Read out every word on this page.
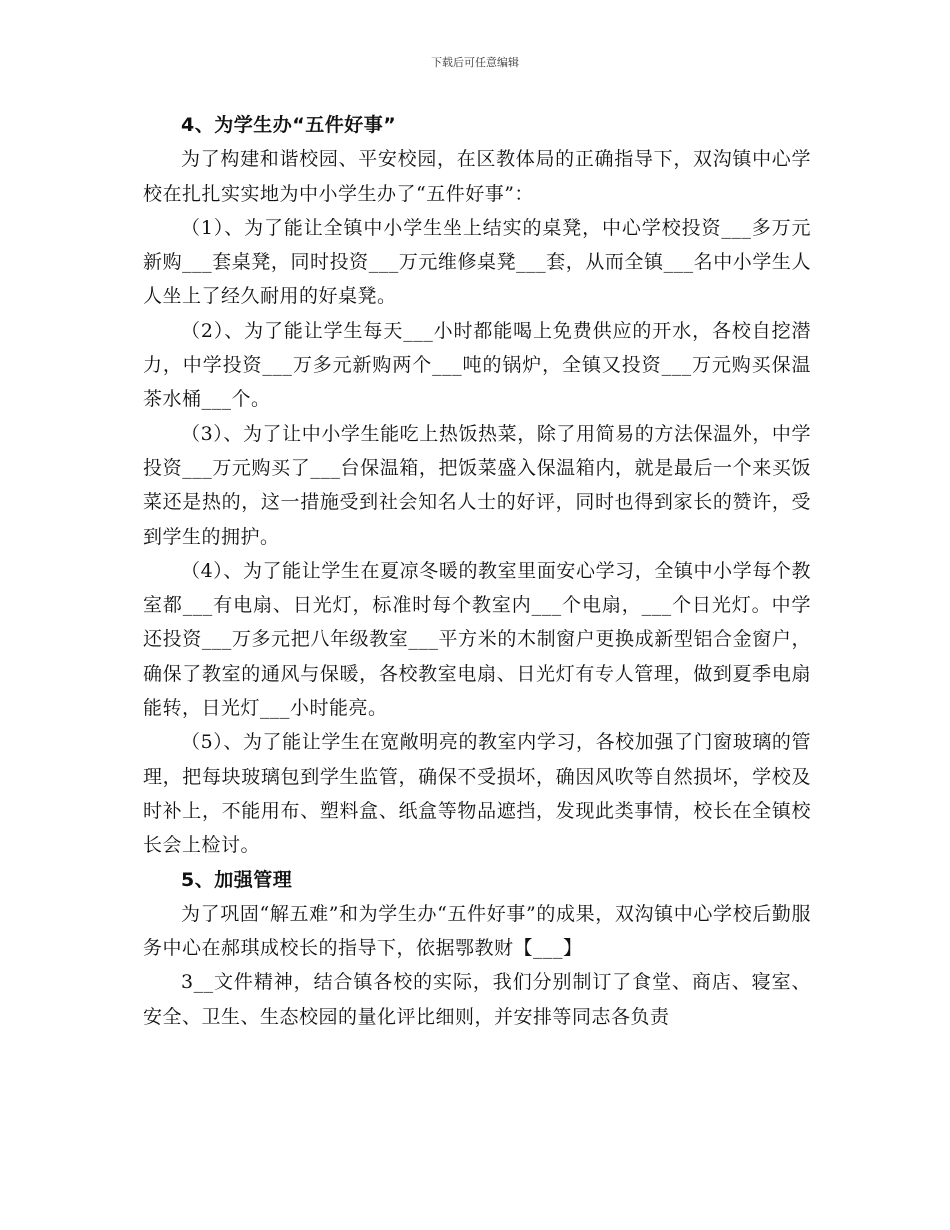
下载后可任意编辑

4、为学生办“五件好事”

为了构建和谐校园、平安校园，在区教体局的正确指导下，双沟镇中心学校在扎扎实实地为中小学生办了“五件好事”：

（1）、为了能让全镇中小学生坐上结实的桌凳，中心学校投资___多万元新购___套桌凳，同时投资___万元维修桌凳___套，从而全镇___名中小学生人人坐上了经久耐用的好桌凳。

（2）、为了能让学生每天___小时都能喝上免费供应的开水，各校自挖潜力，中学投资___万多元新购两个___吨的锅炉，全镇又投资___万元购买保温茶水桶___个。

（3）、为了让中小学生能吃上热饭热菜，除了用简易的方法保温外，中学投资___万元购买了___台保温箱，把饭菜盛入保温箱内，就是最后一个来买饭菜还是热的，这一措施受到社会知名人士的好评，同时也得到家长的赞许，受到学生的拥护。

（4）、为了能让学生在夏凉冬暖的教室里面安心学习，全镇中小学每个教室都___有电扇、日光灯，标准时每个教室内___个电扇，___个日光灯。中学还投资___万多元把八年级教室___平方米的木制窗户更换成新型铝合金窗户，确保了教室的通风与保暖，各校教室电扇、日光灯有专人管理，做到夏季电扇能转，日光灯___小时能亮。

（5）、为了能让学生在宽敞明亮的教室内学习，各校加强了门窗玻璃的管理，把每块玻璃包到学生监管，确保不受损坏，确因风吹等自然损坏，学校及时补上，不能用布、塑料盒、纸盒等物品遮挡，发现此类事情，校长在全镇校长会上检讨。

5、加强管理

为了巩固“解五难”和为学生办“五件好事”的成果，双沟镇中心学校后勤服务中心在郝琪成校长的指导下，依据鄂教财【___】

3__文件精神，结合镇各校的实际，我们分别制订了食堂、商店、寝室、安全、卫生、生态校园的量化评比细则，并安排等同志各负责
